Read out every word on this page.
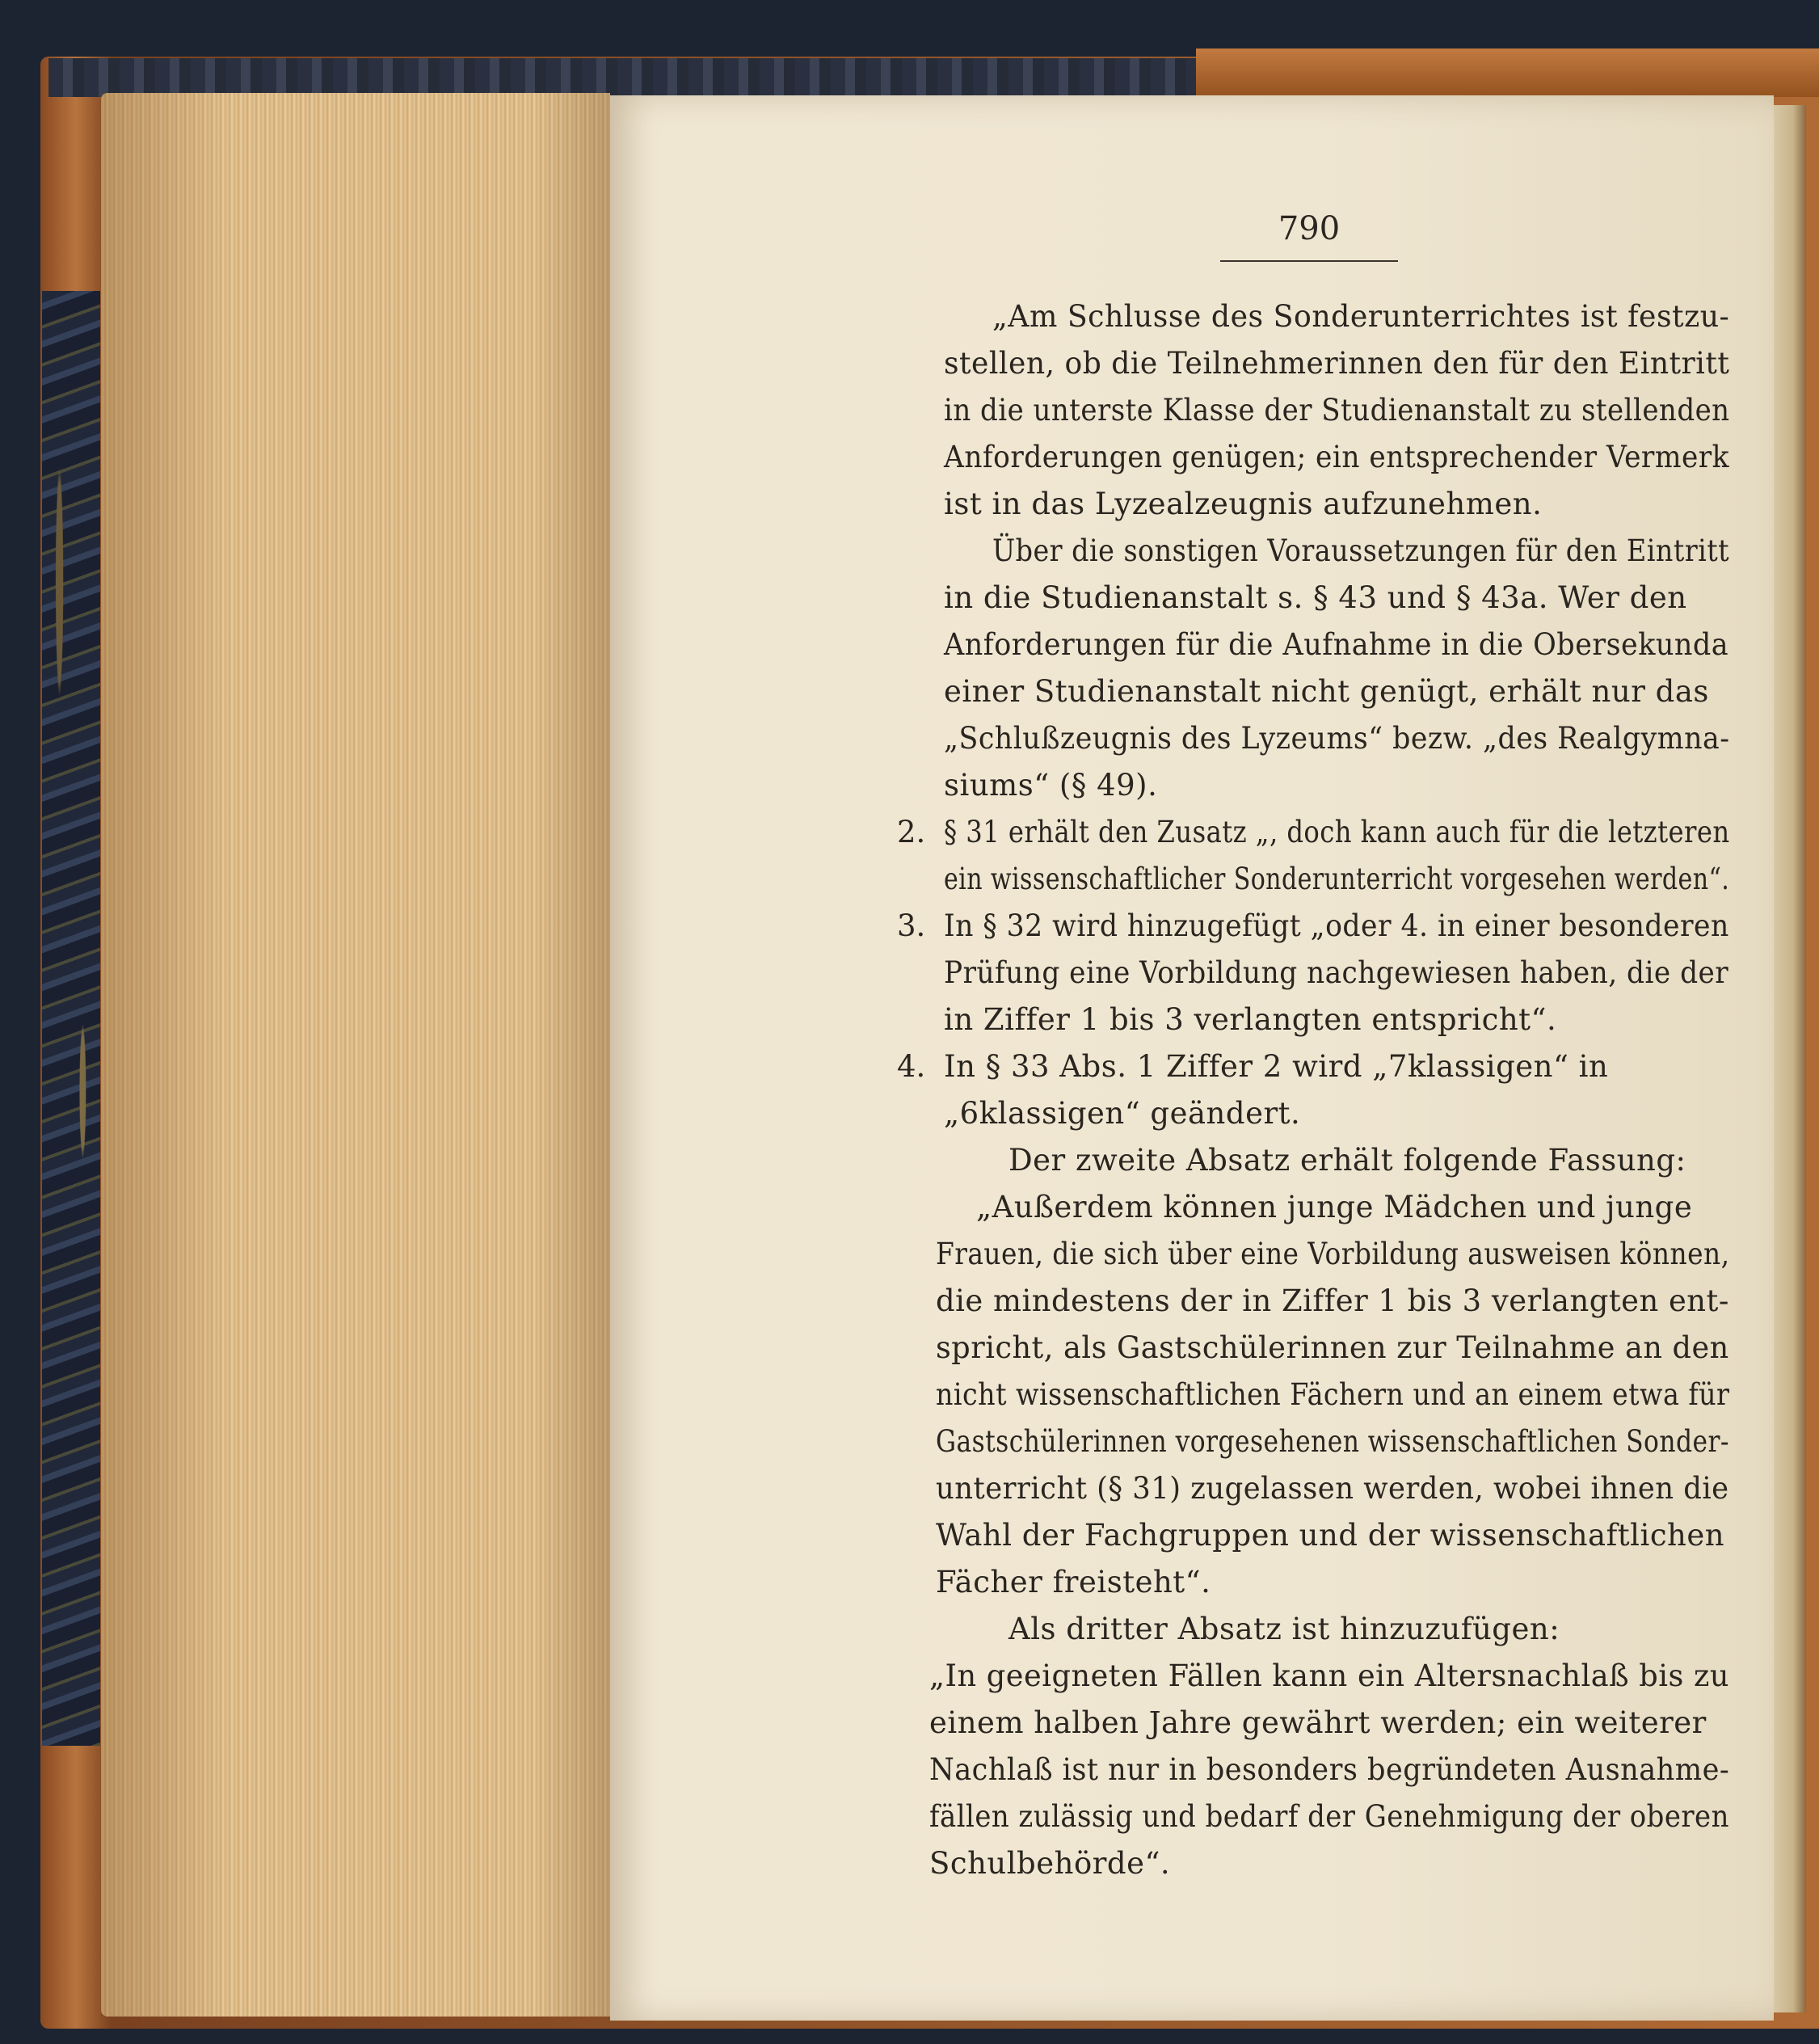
790
„Am Schlusse des Sonderunterrichtes ist festzu-
stellen, ob die Teilnehmerinnen den für den Eintritt
in die unterste Klasse der Studienanstalt zu stellenden
Anforderungen genügen; ein entsprechender Vermerk
ist in das Lyzealzeugnis aufzunehmen.
Über die sonstigen Voraussetzungen für den Eintritt
in die Studienanstalt s. § 43 und § 43a. Wer den
Anforderungen für die Aufnahme in die Obersekunda
einer Studienanstalt nicht genügt, erhält nur das
„Schlußzeugnis des Lyzeums“ bezw. „des Realgymna-
siums“ (§ 49).
2. § 31 erhält den Zusatz „, doch kann auch für die letzteren
ein wissenschaftlicher Sonderunterricht vorgesehen werden“.
3. In § 32 wird hinzugefügt „oder 4. in einer besonderen
Prüfung eine Vorbildung nachgewiesen haben, die der
in Ziffer 1 bis 3 verlangten entspricht“.
4. In § 33 Abs. 1 Ziffer 2 wird „7klassigen“ in
„6klassigen“ geändert.
Der zweite Absatz erhält folgende Fassung:
„Außerdem können junge Mädchen und junge
Frauen, die sich über eine Vorbildung ausweisen können,
die mindestens der in Ziffer 1 bis 3 verlangten ent-
spricht, als Gastschülerinnen zur Teilnahme an den
nicht wissenschaftlichen Fächern und an einem etwa für
Gastschülerinnen vorgesehenen wissenschaftlichen Sonder-
unterricht (§ 31) zugelassen werden, wobei ihnen die
Wahl der Fachgruppen und der wissenschaftlichen
Fächer freisteht“.
Als dritter Absatz ist hinzuzufügen:
„In geeigneten Fällen kann ein Altersnachlaß bis zu
einem halben Jahre gewährt werden; ein weiterer
Nachlaß ist nur in besonders begründeten Ausnahme-
fällen zulässig und bedarf der Genehmigung der oberen
Schulbehörde“.
